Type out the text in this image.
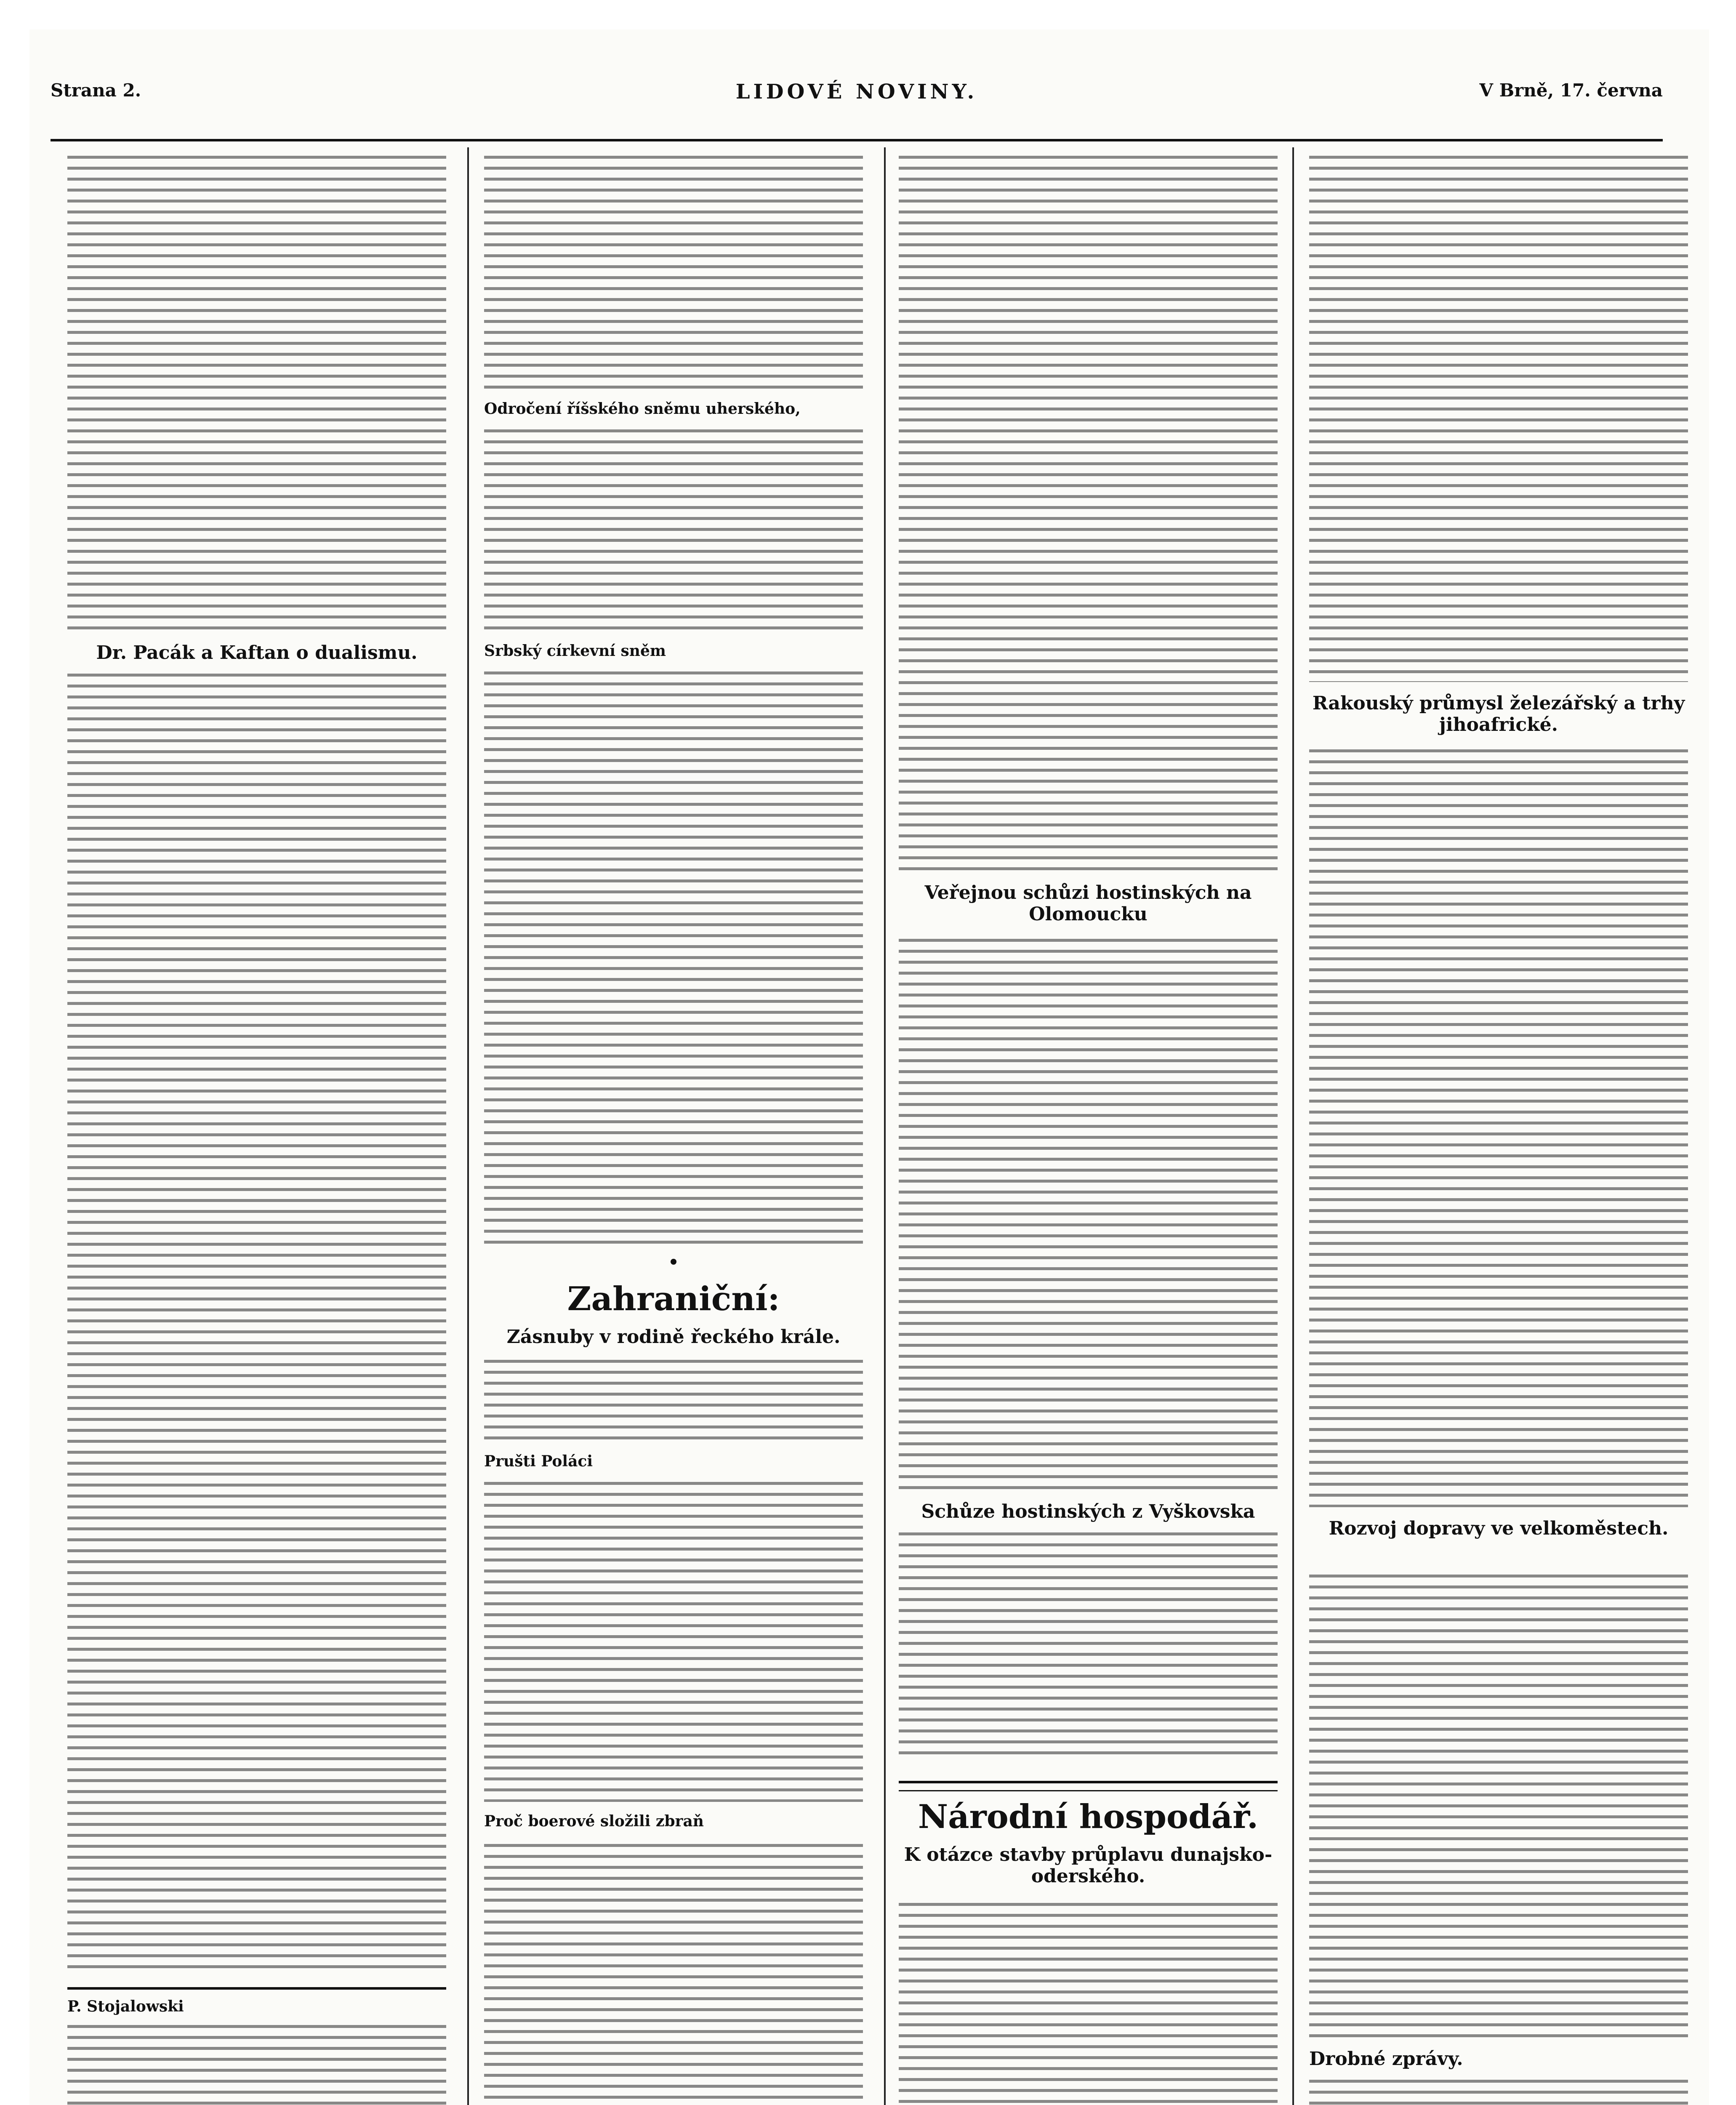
Strana 2.	LIDOVÉ NOVINY.	V Brně, 17. června
Dr. Pacák a Kaftan o dualismu.
P. Stojalowski
Odročení říšského sněmu uherského,
Srbský církevní sněm
Zahraniční:
Zásnuby v rodině řeckého krále.
Prušti Poláci
Proč boerové složili zbraň
Veřejnou schůzi hostinských na Olomoucku
Schůze hostinských z Vyškovska
Národní hospodář.
K otázce stavby průplavu dunajsko-oderského.
Rakouský průmysl železářský a trhy jihoafrické.
Rozvoj dopravy ve velkoměstech.
Drobné zprávy.
